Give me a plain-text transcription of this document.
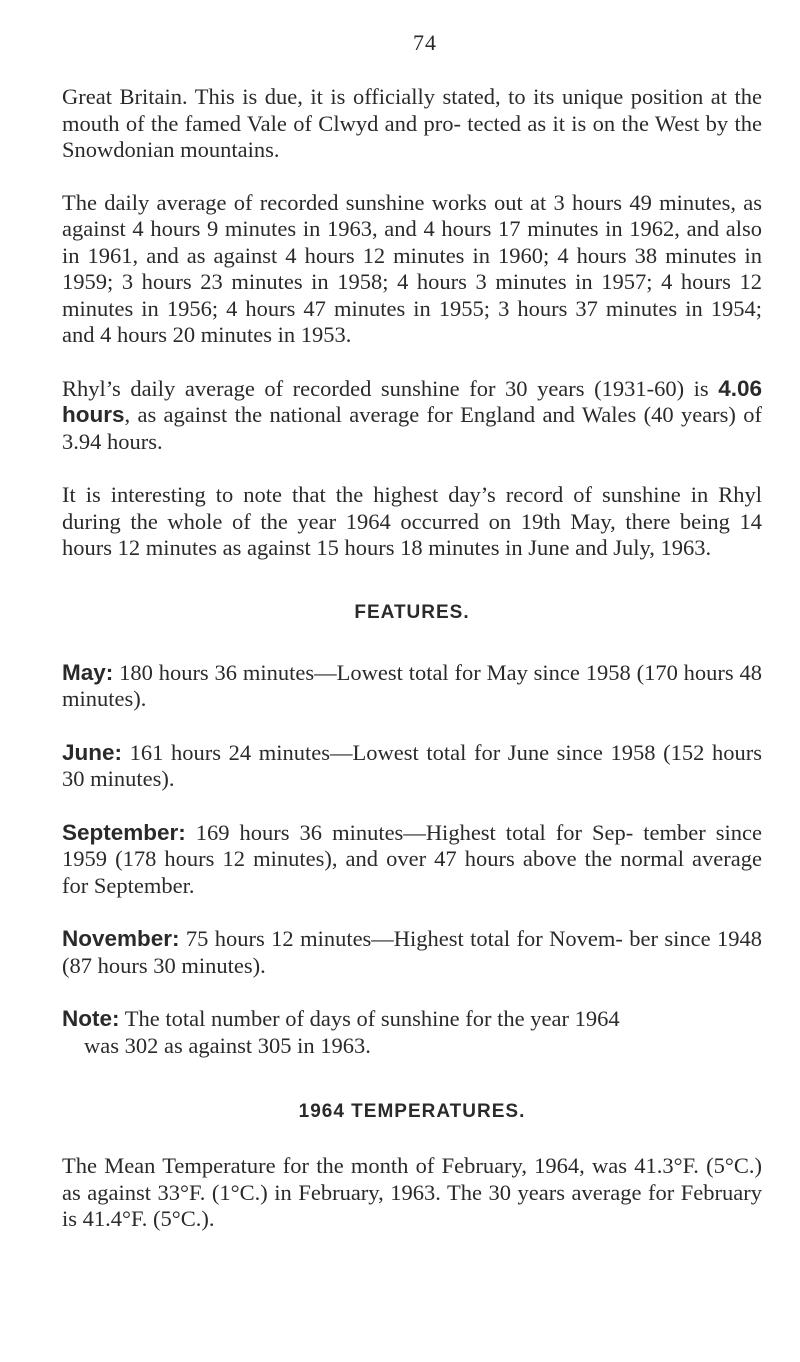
74

Great Britain. This is due, it is officially stated, to its unique position at the mouth of the famed Vale of Clwyd and pro- tected as it is on the West by the Snowdonian mountains.

The daily average of recorded sunshine works out at 3 hours 49 minutes, as against 4 hours 9 minutes in 1963, and 4 hours 17 minutes in 1962, and also in 1961, and as against 4 hours 12 minutes in 1960; 4 hours 38 minutes in 1959; 3 hours 23 minutes in 1958; 4 hours 3 minutes in 1957; 4 hours 12 minutes in 1956; 4 hours 47 minutes in 1955; 3 hours 37 minutes in 1954; and 4 hours 20 minutes in 1953.

Rhyl’s daily average of recorded sunshine for 30 years (1931-60) is 4.06 hours, as against the national average for England and Wales (40 years) of 3.94 hours.

It is interesting to note that the highest day’s record of sunshine in Rhyl during the whole of the year 1964 occurred on 19th May, there being 14 hours 12 minutes as against 15 hours 18 minutes in June and July, 1963.

FEATURES.

May: 180 hours 36 minutes—Lowest total for May since 1958 (170 hours 48 minutes).

June: 161 hours 24 minutes—Lowest total for June since 1958 (152 hours 30 minutes).

September: 169 hours 36 minutes—Highest total for Sep- tember since 1959 (178 hours 12 minutes), and over 47 hours above the normal average for September.

November: 75 hours 12 minutes—Highest total for Novem- ber since 1948 (87 hours 30 minutes).

Note: The total number of days of sunshine for the year 1964
was 302 as against 305 in 1963.

1964 TEMPERATURES.

The Mean Temperature for the month of February, 1964, was 41.3°F. (5°C.) as against 33°F. (1°C.) in February, 1963. The 30 years average for February is 41.4°F. (5°C.).
